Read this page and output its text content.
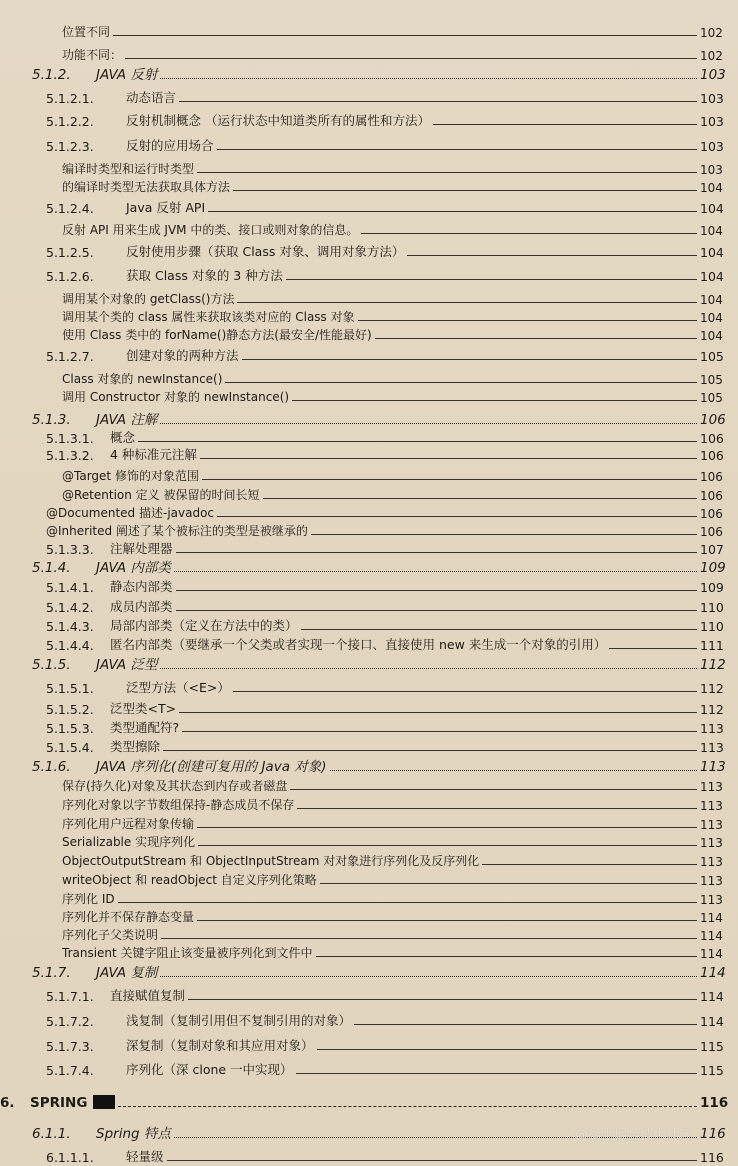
位置不同	102
功能不同：	102
5.1.2.	JAVA 反射	103
5.1.2.1.	动态语言	103
5.1.2.2.	反射机制概念 （运行状态中知道类所有的属性和方法）	103
5.1.2.3.	反射的应用场合	103
编译时类型和运行时类型	103
的编译时类型无法获取具体方法	104
5.1.2.4.	Java 反射 API	104
反射 API 用来生成 JVM 中的类、接口或则对象的信息。	104
5.1.2.5.	反射使用步骤（获取 Class 对象、调用对象方法）	104
5.1.2.6.	获取 Class 对象的 3 种方法	104
调用某个对象的 getClass()方法	104
调用某个类的 class 属性来获取该类对应的 Class 对象	104
使用 Class 类中的 forName()静态方法(最安全/性能最好)	104
5.1.2.7.	创建对象的两种方法	105
Class 对象的 newInstance()	105
调用 Constructor 对象的 newInstance()	105
5.1.3.	JAVA 注解	106
5.1.3.1.	概念	106
5.1.3.2.	4 种标准元注解	106
@Target 修饰的对象范围	106
@Retention 定义 被保留的时间长短	106
@Documented 描述-javadoc	106
@Inherited 阐述了某个被标注的类型是被继承的	106
5.1.3.3.	注解处理器	107
5.1.4.	JAVA 内部类	109
5.1.4.1.	静态内部类	109
5.1.4.2.	成员内部类	110
5.1.4.3.	局部内部类（定义在方法中的类）	110
5.1.4.4.	匿名内部类（要继承一个父类或者实现一个接口、直接使用 new 来生成一个对象的引用）	111
5.1.5.	JAVA 泛型	112
5.1.5.1.	泛型方法（<E>）	112
5.1.5.2.	泛型类<T>	112
5.1.5.3.	类型通配符?	113
5.1.5.4.	类型擦除	113
5.1.6.	JAVA 序列化(创建可复用的 Java 对象)	113
保存(持久化)对象及其状态到内存或者磁盘	113
序列化对象以字节数组保持-静态成员不保存	113
序列化用户远程对象传输	113
Serializable 实现序列化	113
ObjectOutputStream 和 ObjectInputStream 对对象进行序列化及反序列化	113
writeObject 和 readObject 自定义序列化策略	113
序列化 ID	113
序列化并不保存静态变量	114
序列化子父类说明	114
Transient 关键字阻止该变量被序列化到文件中	114
5.1.7.	JAVA 复制	114
5.1.7.1.	直接赋值复制	114
5.1.7.2.	浅复制（复制引用但不复制引用的对象）	114
5.1.7.3.	深复制（复制对象和其应用对象）	115
5.1.7.4.	序列化（深 clone 一中实现）	115
6.	SPRING	116
6.1.1.	Spring 特点	116
6.1.1.1.	轻量级	116
@稀土掘金技术社区
